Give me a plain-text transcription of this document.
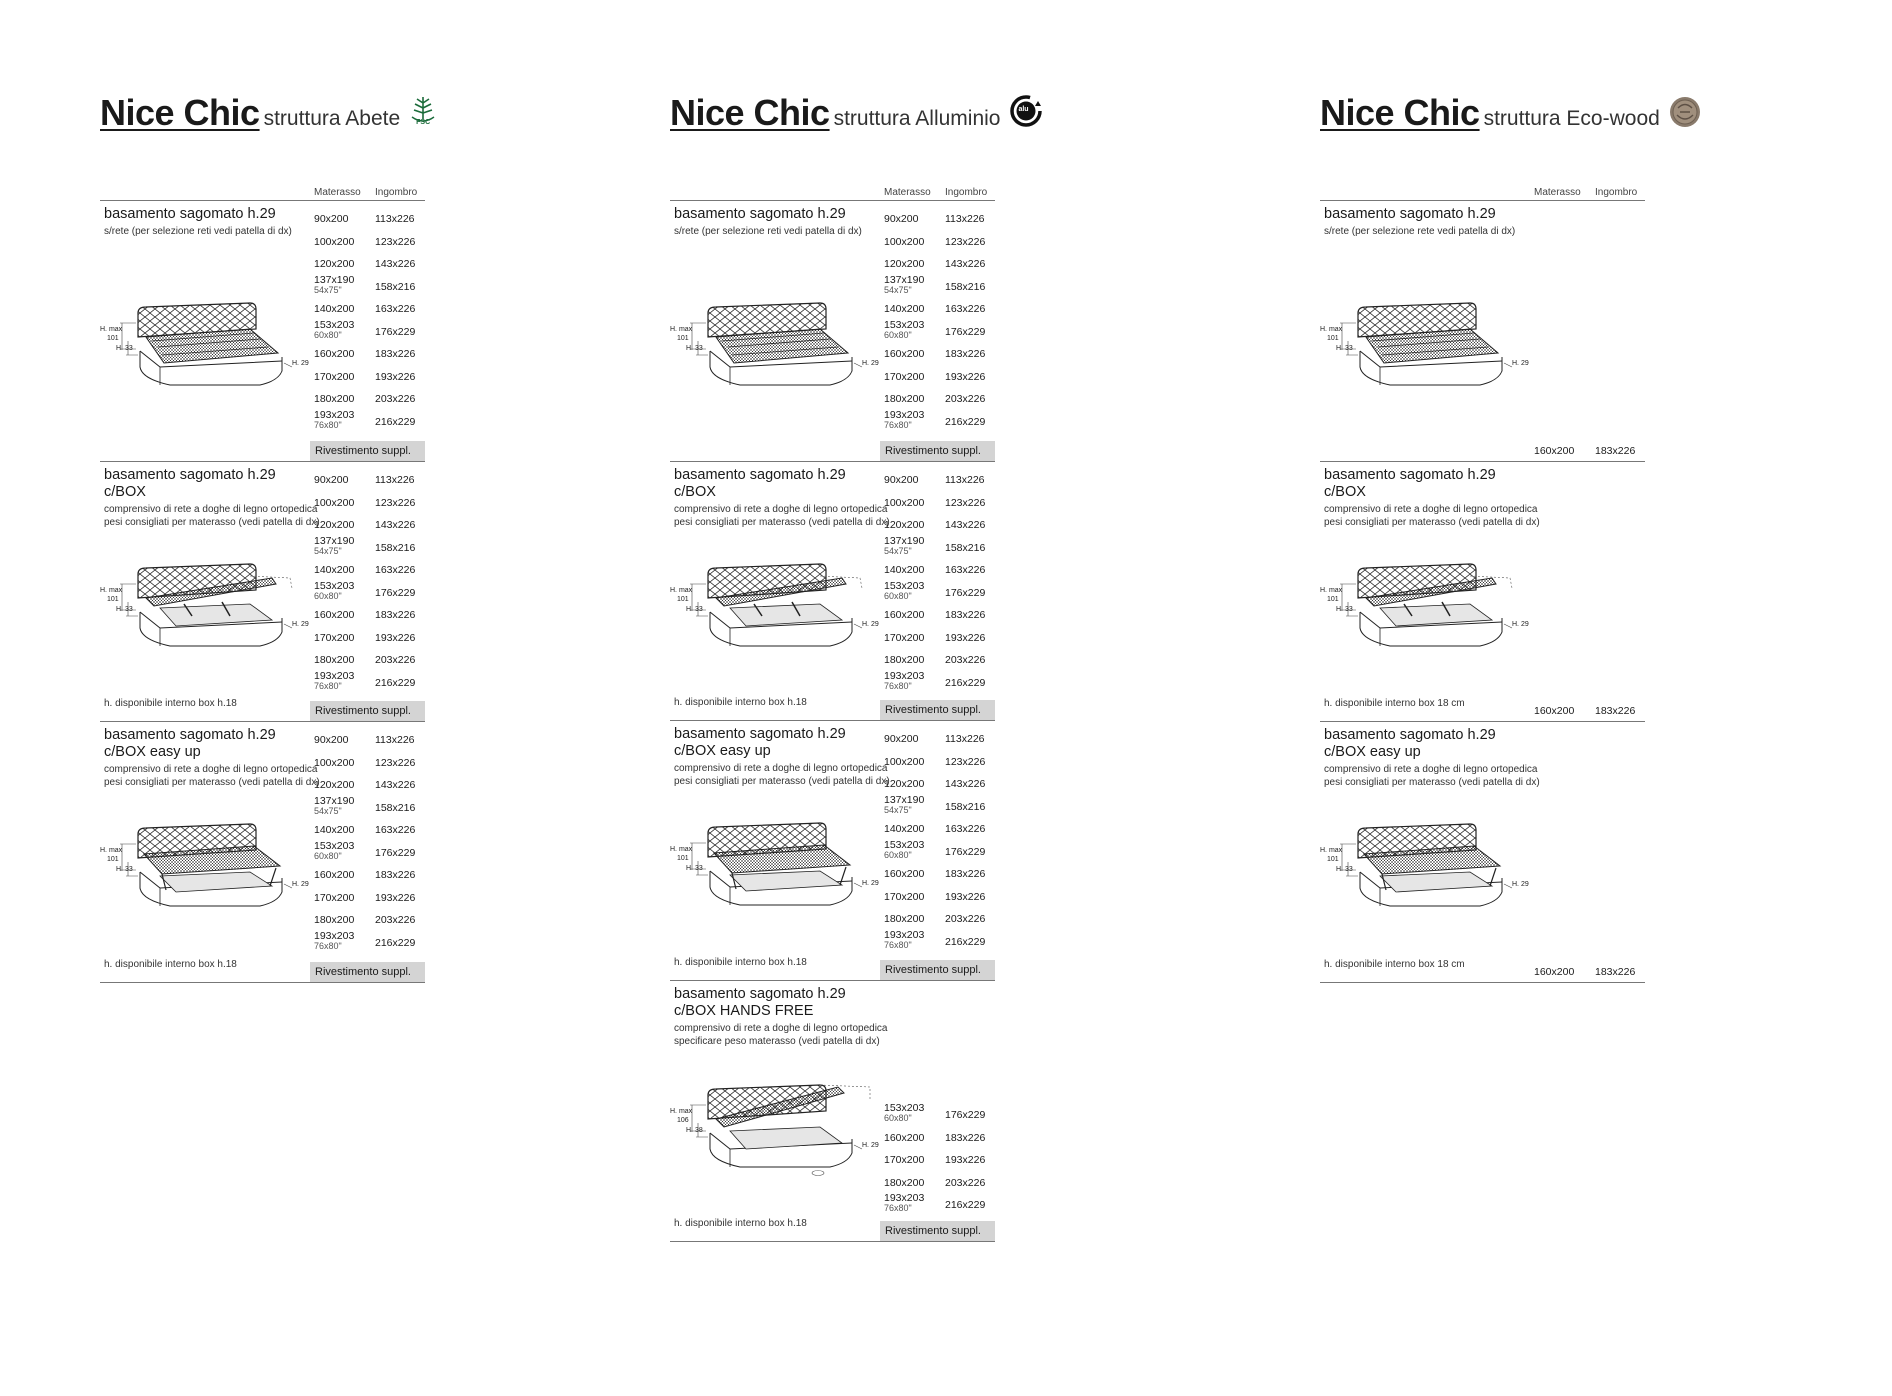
Nice Chic struttura Abete FSC
Materasso Ingombro
basamento sagomato h.29
s/rete (per selezione reti vedi patella di dx)
H. max
101
H. 33
H. 29
90x200	113x226
100x200 123x226
120x200 143x226
137x190
54x75"	158x216
140x200 163x226
153x203
60x80"	176x229
160x200 183x226
170x200 193x226
180x200 203x226
193x203
76x80"	216x229
Rivestimento suppl.
basamento sagomato h.29
c/BOX
comprensivo di rete a doghe di legno ortopedica
pesi consigliati per materasso (vedi patella di dx)
H. max
101
H. 33
H. 29
h. disponibile interno box h.18
90x200	113x226
100x200 123x226
120x200 143x226
137x190
54x75"	158x216
140x200 163x226
153x203
60x80"	176x229
160x200 183x226
170x200 193x226
180x200 203x226
193x203
76x80"	216x229
Rivestimento suppl.
basamento sagomato h.29
c/BOX easy up
comprensivo di rete a doghe di legno ortopedica
pesi consigliati per materasso (vedi patella di dx)
H. max
101
H. 33
H. 29
h. disponibile interno box h.18
90x200	113x226
100x200 123x226
120x200 143x226
137x190
54x75"	158x216
140x200 163x226
153x203
60x80"	176x229
160x200 183x226
170x200 193x226
180x200 203x226
193x203
76x80"	216x229
Rivestimento suppl.
Nice Chic struttura Alluminio	alu
Materasso Ingombro
basamento sagomato h.29
s/rete (per selezione reti vedi patella di dx)
H. max
101
H. 33
H. 29
90x200	113x226
100x200 123x226
120x200 143x226
137x190
54x75"	158x216
140x200 163x226
153x203
60x80"	176x229
160x200 183x226
170x200 193x226
180x200 203x226
193x203
76x80"	216x229
Rivestimento suppl.
basamento sagomato h.29
c/BOX
comprensivo di rete a doghe di legno ortopedica
pesi consigliati per materasso (vedi patella di dx)
H. max
101
H. 33
H. 29
h. disponibile interno box h.18
90x200	113x226
100x200 123x226
120x200 143x226
137x190
54x75"	158x216
140x200 163x226
153x203
60x80"	176x229
160x200 183x226
170x200 193x226
180x200 203x226
193x203
76x80"	216x229
Rivestimento suppl.
basamento sagomato h.29
c/BOX easy up
comprensivo di rete a doghe di legno ortopedica
pesi consigliati per materasso (vedi patella di dx)
H. max
101
H. 33
H. 29
h. disponibile interno box h.18
90x200	113x226
100x200 123x226
120x200 143x226
137x190
54x75"	158x216
140x200 163x226
153x203
60x80"	176x229
160x200 183x226
170x200 193x226
180x200 203x226
193x203
76x80"	216x229
Rivestimento suppl.
basamento sagomato h.29
c/BOX HANDS FREE
comprensivo di rete a doghe di legno ortopedica
specificare peso materasso (vedi patella di dx)
H. max
106
H. 38
H. 29
h. disponibile interno box h.18
153x203
60x80"	176x229
160x200 183x226
170x200 193x226
180x200 203x226
193x203
76x80"	216x229
Rivestimento suppl.
Nice Chic struttura Eco-wood
Materasso Ingombro
basamento sagomato h.29
s/rete (per selezione rete vedi patella di dx)
H. max
101
H. 33
H. 29
160x200 183x226
basamento sagomato h.29
c/BOX
comprensivo di rete a doghe di legno ortopedica
pesi consigliati per materasso (vedi patella di dx)
H. max
101
H. 33
H. 29
h. disponibile interno box 18 cm
160x200 183x226
basamento sagomato h.29
c/BOX easy up
comprensivo di rete a doghe di legno ortopedica
pesi consigliati per materasso (vedi patella di dx)
H. max
101
H. 33
H. 29
h. disponibile interno box 18 cm
160x200 183x226
